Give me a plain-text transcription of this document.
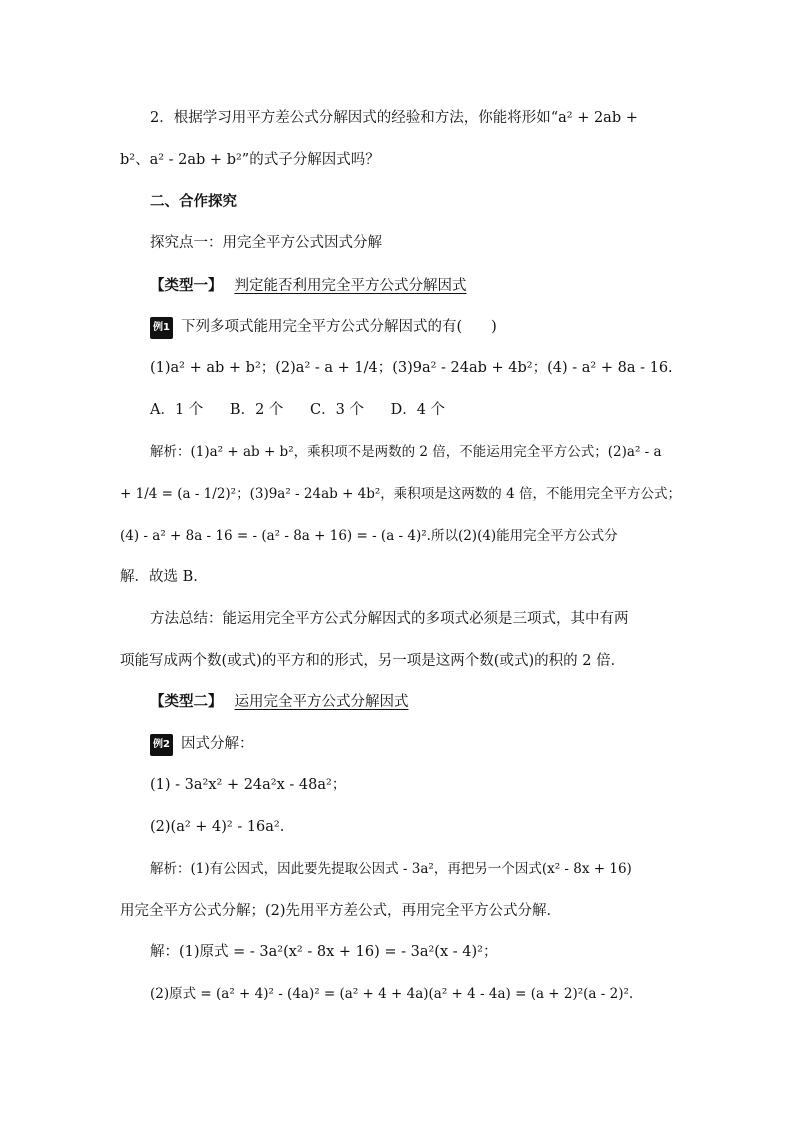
2．根据学习用平方差公式分解因式的经验和方法，你能将形如“a² + 2ab +
b²、a² - 2ab + b²”的式子分解因式吗？
二、合作探究
探究点一：用完全平方公式因式分解
【类型一】 判定能否利用完全平方公式分解因式
例1 下列多项式能用完全平方公式分解因式的有(　　)
(1)a² + ab + b²；(2)a² - a + 1/4；(3)9a² - 24ab + 4b²；(4) - a² + 8a - 16.
A．1 个 B．2 个 C．3 个 D．4 个
解析：(1)a² + ab + b²，乘积项不是两数的 2 倍，不能运用完全平方公式；(2)a² - a
+ 1/4 = (a - 1/2)²；(3)9a² - 24ab + 4b²，乘积项是这两数的 4 倍，不能用完全平方公式；
(4) - a² + 8a - 16 = - (a² - 8a + 16) = - (a - 4)².所以(2)(4)能用完全平方公式分
解．故选 B.
方法总结：能运用完全平方公式分解因式的多项式必须是三项式，其中有两
项能写成两个数(或式)的平方和的形式，另一项是这两个数(或式)的积的 2 倍．
【类型二】 运用完全平方公式分解因式
例2 因式分解：
(1) - 3a²x² + 24a²x - 48a²；
(2)(a² + 4)² - 16a².
解析：(1)有公因式，因此要先提取公因式 - 3a²，再把另一个因式(x² - 8x + 16)
用完全平方公式分解；(2)先用平方差公式，再用完全平方公式分解．
解：(1)原式 = - 3a²(x² - 8x + 16) = - 3a²(x - 4)²；
(2)原式 = (a² + 4)² - (4a)² = (a² + 4 + 4a)(a² + 4 - 4a) = (a + 2)²(a - 2)².
